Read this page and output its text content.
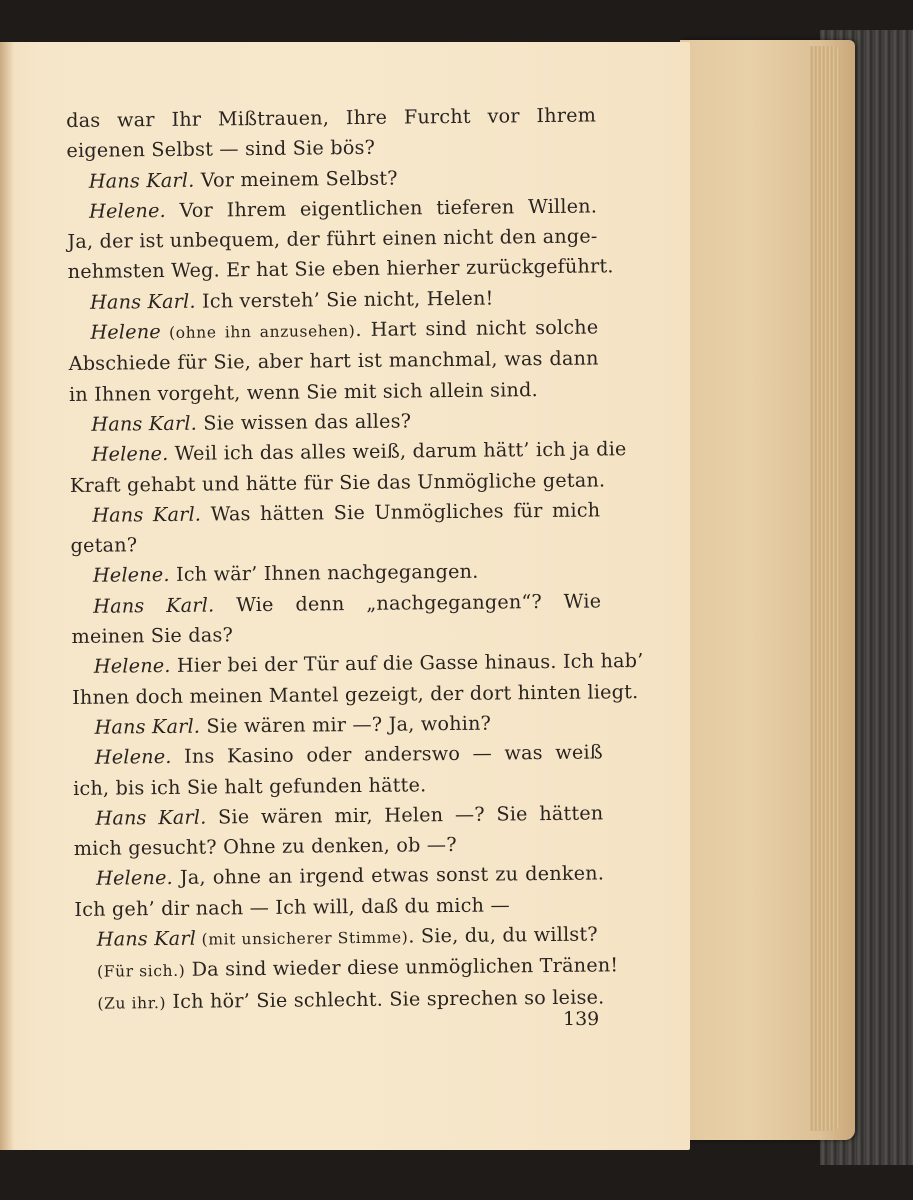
das war Ihr Mißtrauen, Ihre Furcht vor Ihrem
eigenen Selbst — sind Sie bös?
Hans Karl. Vor meinem Selbst?
Helene. Vor Ihrem eigentlichen tieferen Willen.
Ja, der ist unbequem, der führt einen nicht den ange-
nehmsten Weg. Er hat Sie eben hierher zurückgeführt.
Hans Karl. Ich versteh’ Sie nicht, Helen!
Helene (ohne ihn anzusehen). Hart sind nicht solche
Abschiede für Sie, aber hart ist manchmal, was dann
in Ihnen vorgeht, wenn Sie mit sich allein sind.
Hans Karl. Sie wissen das alles?
Helene. Weil ich das alles weiß, darum hätt’ ich ja die
Kraft gehabt und hätte für Sie das Unmögliche getan.
Hans Karl. Was hätten Sie Unmögliches für mich
getan?
Helene. Ich wär’ Ihnen nachgegangen.
Hans Karl. Wie denn „nachgegangen“? Wie
meinen Sie das?
Helene. Hier bei der Tür auf die Gasse hinaus. Ich hab’
Ihnen doch meinen Mantel gezeigt, der dort hinten liegt.
Hans Karl. Sie wären mir —? Ja, wohin?
Helene. Ins Kasino oder anderswo — was weiß
ich, bis ich Sie halt gefunden hätte.
Hans Karl. Sie wären mir, Helen —? Sie hätten
mich gesucht? Ohne zu denken, ob —?
Helene. Ja, ohne an irgend etwas sonst zu denken.
Ich geh’ dir nach — Ich will, daß du mich —
Hans Karl (mit unsicherer Stimme). Sie, du, du willst?
(Für sich.) Da sind wieder diese unmöglichen Tränen!
(Zu ihr.) Ich hör’ Sie schlecht. Sie sprechen so leise.
139
